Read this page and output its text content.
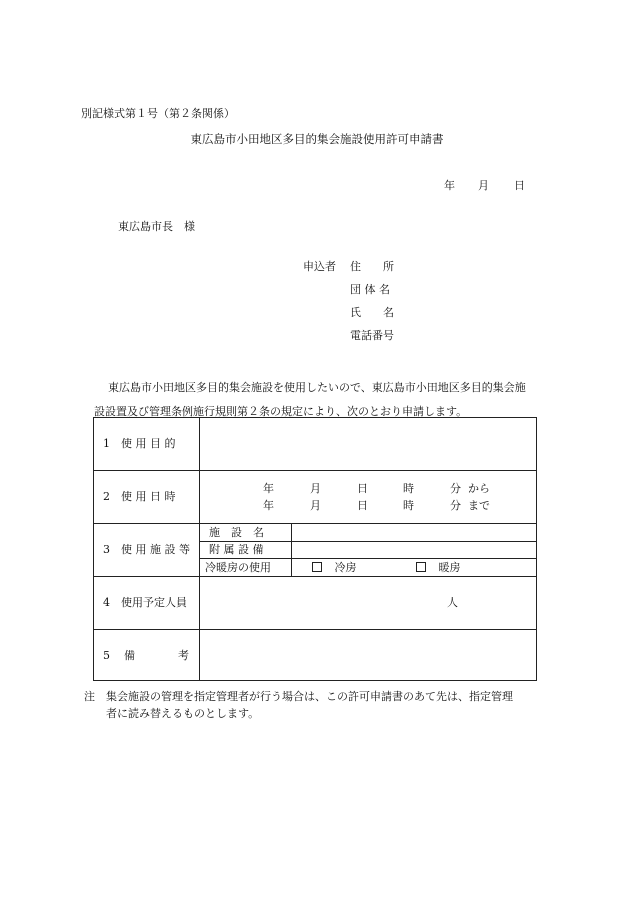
別記様式第１号（第２条関係）
東広島市小田地区多目的集会施設使用許可申請書
年 月 日
東広島市長　様
申込者 住　　所
団 体 名
氏　　名
電話番号

東広島市小田地区多目的集会施設を使用したいので、東広島市小田地区多目的集会施

設設置及び管理条例施行規則第２条の規定により、次のとおり申請します。

1 使 用 目 的
2 使 用 日 時
年	月	日	時	分 から
年	月	日	時	分 まで
3 使 用 施 設 等
施　設　名
附 属 設 備
冷暖房の使用	冷房	暖房
4 使用予定人員	人
5 備	考

注　集会施設の管理を指定管理者が行う場合は、この許可申請書のあて先は、指定管理

者に読み替えるものとします。
